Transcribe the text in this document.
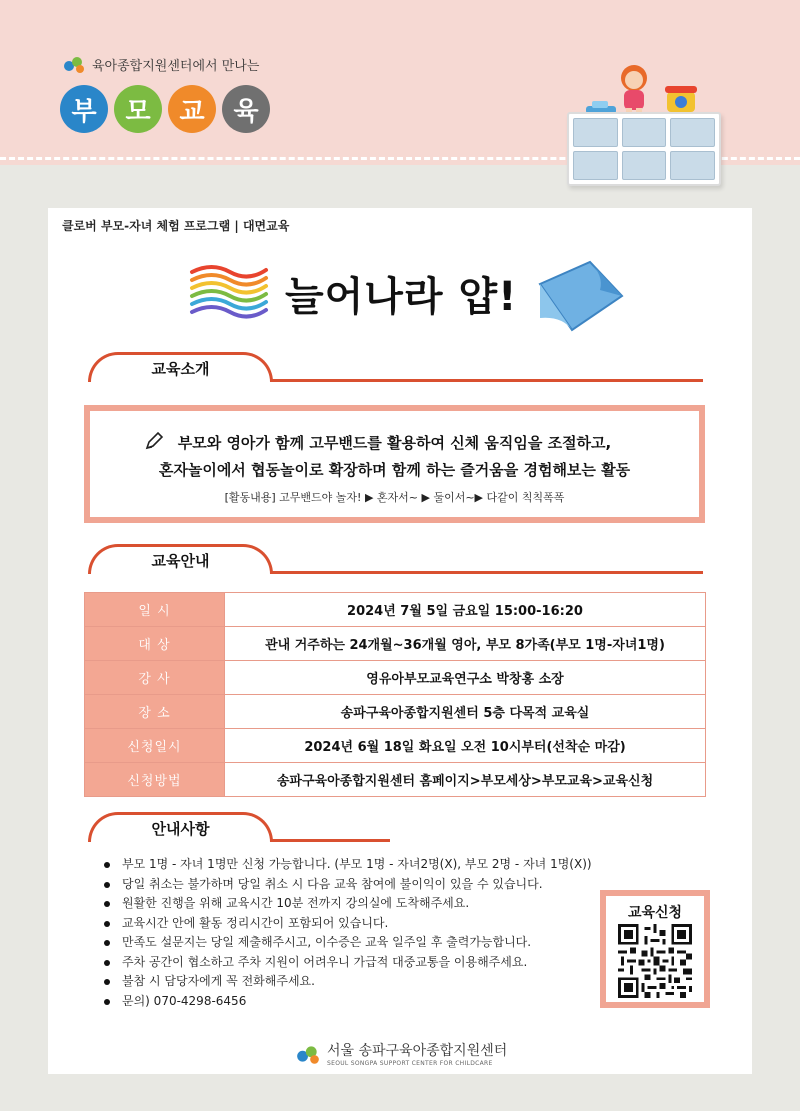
육아종합지원센터에서 만나는
부 모 교 육
클로버 부모-자녀 체험 프로그램 | 대면교육
늘어나라 얍!
교육소개
부모와 영아가 함께 고무밴드를 활용하여 신체 움직임을 조절하고,
혼자놀이에서 협동놀이로 확장하며 함께 하는 즐거움을 경험해보는 활동
[활동내용] 고무밴드야 놀자! ▶ 혼자서~ ▶ 둘이서~▶ 다같이 칙칙폭폭
교육안내
일 시	2024년 7월 5일 금요일 15:00-16:20
대 상	관내 거주하는 24개월~36개월 영아, 부모 8가족(부모 1명-자녀1명)
강 사	영유아부모교육연구소 박창홍 소장
장 소	송파구육아종합지원센터 5층 다목적 교육실
신청일시	2024년 6월 18일 화요일 오전 10시부터(선착순 마감)
신청방법	송파구육아종합지원센터 홈페이지>부모세상>부모교육>교육신청
안내사항
부모 1명 - 자녀 1명만 신청 가능합니다. (부모 1명 - 자녀2명(X), 부모 2명 - 자녀 1명(X))
당일 취소는 불가하며 당일 취소 시 다음 교육 참여에 불이익이 있을 수 있습니다.
원활한 진행을 위해 교육시간 10분 전까지 강의실에 도착해주세요.
교육시간 안에 활동 정리시간이 포함되어 있습니다.
만족도 설문지는 당일 제출해주시고, 이수증은 교육 일주일 후 출력가능합니다.
주차 공간이 협소하고 주차 지원이 어려우니 가급적 대중교통을 이용해주세요.
불참 시 담당자에게 꼭 전화해주세요.
문의) 070-4298-6456
교육신청
서울 송파구육아종합지원센터
SEOUL SONGPA SUPPORT CENTER FOR CHILDCARE
